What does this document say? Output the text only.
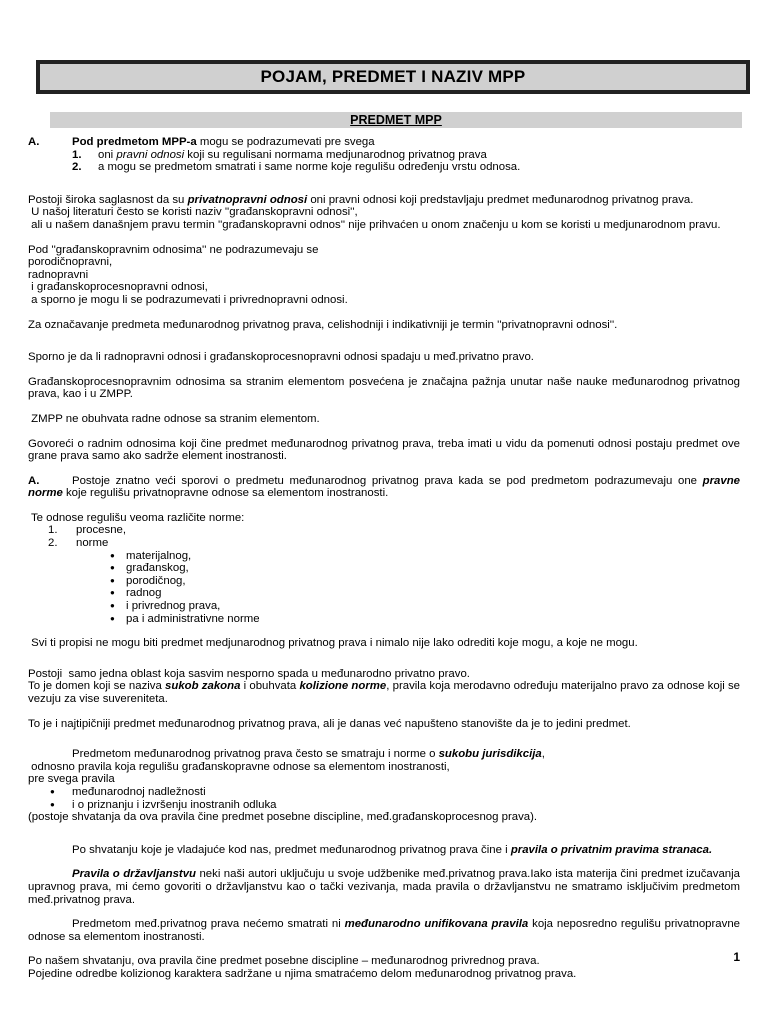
POJAM, PREDMET I NAZIV MPP
PREDMET MPP
A.	Pod predmetom MPP-a mogu se podrazumevati pre svega

1. oni pravni odnosi koji su regulisani normama medjunarodnog privatnog prava

2. a mogu se predmetom smatrati i same norme koje regulišu određenju vrstu odnosa.

Postoji široka saglasnost da su privatnopravni odnosi oni pravni odnosi koji predstavljaju predmet međunarodnog privatnog prava.

U našoj literaturi često se koristi naziv ''građanskopravni odnosi'',

ali u našem današnjem pravu termin ''građanskopravni odnos'' nije prihvaćen u onom značenju u kom se koristi u medjunarodnom pravu.

Pod ''građanskopravnim odnosima'' ne podrazumevaju se

porodičnopravni,

radnopravni

i građanskoprocesnopravni odnosi,

a sporno je mogu li se podrazumevati i privrednopravni odnosi.

Za označavanje predmeta međunarodnog privatnog prava, celishodniji i indikativniji je termin ''privatnopravni odnosi''.

Sporno je da li radnopravni odnosi i građanskoprocesnopravni odnosi spadaju u međ.privatno pravo.

Građanskoprocesnopravnim odnosima sa stranim elementom posvećena je značajna pažnja unutar naše nauke međunarodnog privatnog prava, kao i u ZMPP.

ZMPP ne obuhvata radne odnose sa stranim elementom.

Govoreći o radnim odnosima koji čine predmet međunarodnog privatnog prava, treba imati u vidu da pomenuti odnosi postaju predmet ove grane prava samo ako sadrže element inostranosti.

A.	Postoje znatno veći sporovi o predmetu međunarodnog privatnog prava kada se pod predmetom podrazumevaju one pravne norme koje regulišu privatnopravne odnose sa elementom inostranosti.

Te odnose regulišu veoma različite norme:

1. procesne,
2. norme
● materijalnog,
● građanskog,
● porodičnog,
● radnog
● i privrednog prava,
● pa i administrativne norme

Svi ti propisi ne mogu biti predmet medjunarodnog privatnog prava i nimalo nije lako odrediti koje mogu, a koje ne mogu.

Postoji  samo jedna oblast koja sasvim nesporno spada u međunarodno privatno pravo.

To je domen koji se naziva sukob zakona i obuhvata kolizione norme, pravila koja merodavno određuju materijalno pravo za odnose koji se vezuju za vise suvereniteta.

To je i najtipičniji predmet međunarodnog privatnog prava, ali je danas već napušteno stanovište da je to jedini predmet.

Predmetom međunarodnog privatnog prava često se smatraju i norme o sukobu jurisdikcija,

odnosno pravila koja regulišu građanskopravne odnose sa elementom inostranosti,

pre svega pravila

● međunarodnoj nadležnosti
● i o priznanju i izvršenju inostranih odluka

(postoje shvatanja da ova pravila čine predmet posebne discipline, međ.građanskoprocesnog prava).

Po shvatanju koje je vladajuće kod nas, predmet međunarodnog privatnog prava čine i pravila o privatnim pravima stranaca.

Pravila o državljanstvu neki naši autori uključuju u svoje udžbenike međ.privatnog prava.Iako ista materija čini predmet izučavanja upravnog prava, mi ćemo govoriti o državljanstvu kao o tački vezivanja, mada pravila o državljanstvu ne smatramo isključivim predmetom međ.privatnog prava.

Predmetom međ.privatnog prava nećemo smatrati ni međunarodno unifikovana pravila koja neposredno regulišu privatnopravne odnose sa elementom inostranosti.

Po našem shvatanju, ova pravila čine predmet posebne discipline – međunarodnog privrednog prava.

Pojedine odredbe kolizionog karaktera sadržane u njima smatraćemo delom međunarodnog privatnog prava.

1
